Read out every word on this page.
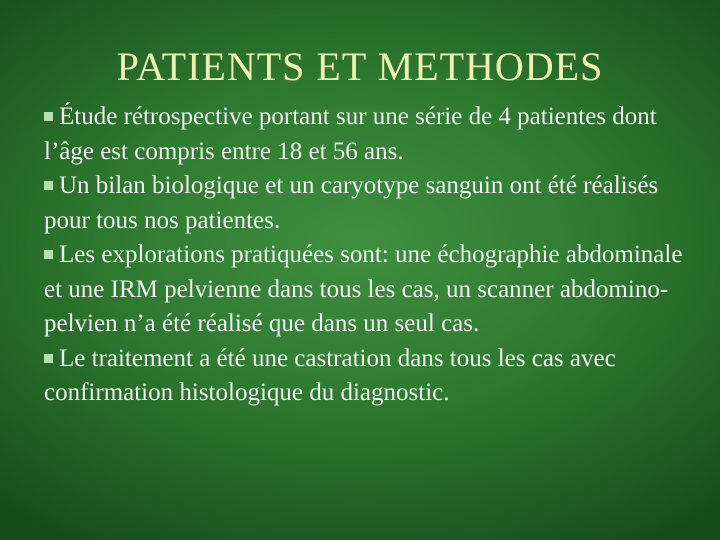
PATIENTS ET METHODES
Étude rétrospective portant sur une série de 4 patientes dont l’âge est compris entre 18 et 56 ans.
Un bilan biologique et un caryotype sanguin ont été réalisés pour tous nos patientes.
Les explorations pratiquées sont: une échographie abdominale et une IRM pelvienne dans tous les cas, un scanner abdomino-pelvien n’a été réalisé que dans un seul cas.
Le traitement a été une castration dans tous les cas avec confirmation histologique du diagnostic.
